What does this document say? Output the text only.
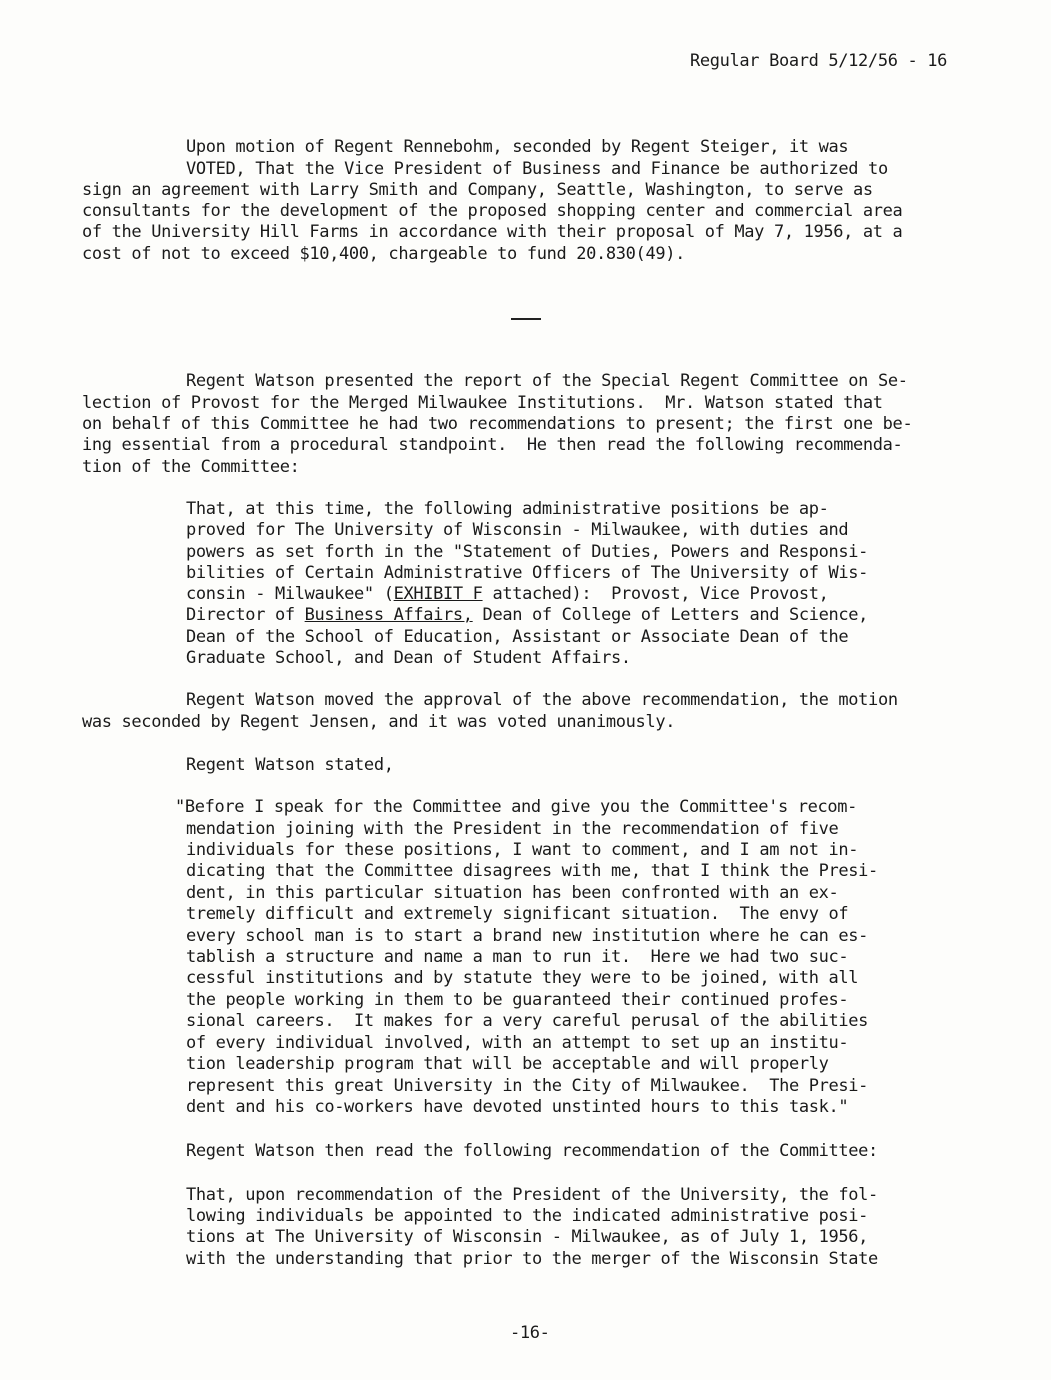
Regular Board 5/12/56 - 16
Upon motion of Regent Rennebohm, seconded by Regent Steiger, it was
VOTED, That the Vice President of Business and Finance be authorized to
sign an agreement with Larry Smith and Company, Seattle, Washington, to serve as
consultants for the development of the proposed shopping center and commercial area
of the University Hill Farms in accordance with their proposal of May 7, 1956, at a
cost of not to exceed $10,400, chargeable to fund 20.830(49).
Regent Watson presented the report of the Special Regent Committee on Se-
lection of Provost for the Merged Milwaukee Institutions.  Mr. Watson stated that
on behalf of this Committee he had two recommendations to present; the first one be-
ing essential from a procedural standpoint.  He then read the following recommenda-
tion of the Committee:
That, at this time, the following administrative positions be ap-
proved for The University of Wisconsin - Milwaukee, with duties and
powers as set forth in the "Statement of Duties, Powers and Responsi-
bilities of Certain Administrative Officers of The University of Wis-
consin - Milwaukee" (EXHIBIT F attached):  Provost, Vice Provost,
Director of Business Affairs, Dean of College of Letters and Science,
Dean of the School of Education, Assistant or Associate Dean of the
Graduate School, and Dean of Student Affairs.
Regent Watson moved the approval of the above recommendation, the motion
was seconded by Regent Jensen, and it was voted unanimously.
Regent Watson stated,
"Before I speak for the Committee and give you the Committee's recom-
mendation joining with the President in the recommendation of five
individuals for these positions, I want to comment, and I am not in-
dicating that the Committee disagrees with me, that I think the Presi-
dent, in this particular situation has been confronted with an ex-
tremely difficult and extremely significant situation.  The envy of
every school man is to start a brand new institution where he can es-
tablish a structure and name a man to run it.  Here we had two suc-
cessful institutions and by statute they were to be joined, with all
the people working in them to be guaranteed their continued profes-
sional careers.  It makes for a very careful perusal of the abilities
of every individual involved, with an attempt to set up an institu-
tion leadership program that will be acceptable and will properly
represent this great University in the City of Milwaukee.  The Presi-
dent and his co-workers have devoted unstinted hours to this task."
Regent Watson then read the following recommendation of the Committee:
That, upon recommendation of the President of the University, the fol-
lowing individuals be appointed to the indicated administrative posi-
tions at The University of Wisconsin - Milwaukee, as of July 1, 1956,
with the understanding that prior to the merger of the Wisconsin State
-16-
